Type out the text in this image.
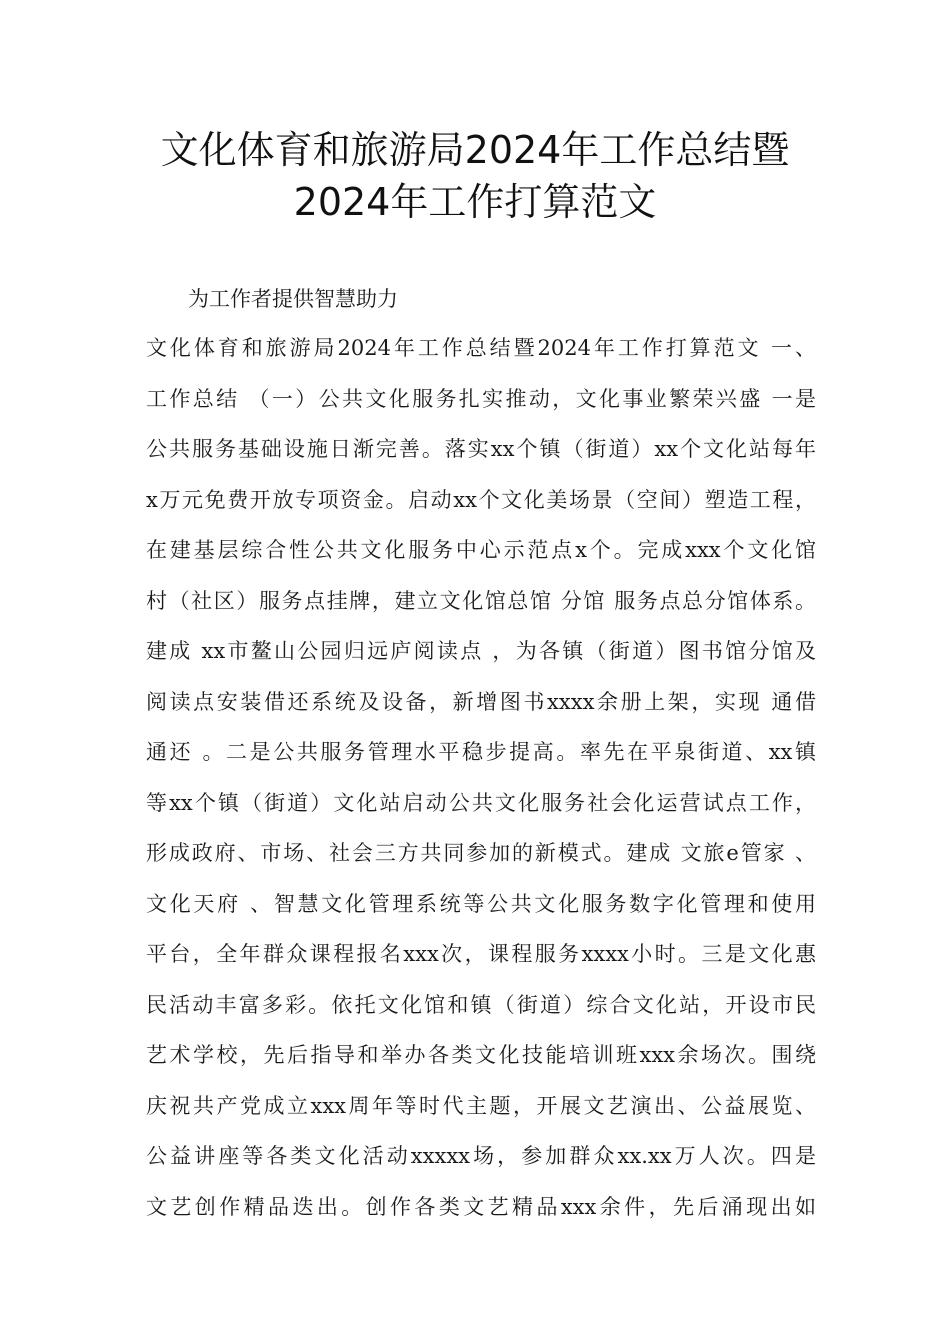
文化体育和旅游局2024年工作总结暨
2024年工作打算范文
为工作者提供智慧助力
文化体育和旅游局2024年工作总结暨2024年工作打算范文 一、
工作总结 （一）公共文化服务扎实推动，文化事业繁荣兴盛 一是
公共服务基础设施日渐完善。落实xx个镇（街道）xx个文化站每年
x万元免费开放专项资金。启动xx个文化美场景（空间）塑造工程，
在建基层综合性公共文化服务中心示范点x个。完成xxx个文化馆
村（社区）服务点挂牌，建立文化馆总馆 分馆 服务点总分馆体系。
建成 xx市鳌山公园归远庐阅读点 ，为各镇（街道）图书馆分馆及
阅读点安装借还系统及设备，新增图书xxxx余册上架，实现 通借
通还 。二是公共服务管理水平稳步提高。率先在平泉街道、xx镇
等xx个镇（街道）文化站启动公共文化服务社会化运营试点工作，
形成政府、市场、社会三方共同参加的新模式。建成 文旅e管家 、
文化天府 、智慧文化管理系统等公共文化服务数字化管理和使用
平台，全年群众课程报名xxx次，课程服务xxxx小时。三是文化惠
民活动丰富多彩。依托文化馆和镇（街道）综合文化站，开设市民
艺术学校，先后指导和举办各类文化技能培训班xxx余场次。围绕
庆祝共产党成立xxx周年等时代主题，开展文艺演出、公益展览、
公益讲座等各类文化活动xxxxx场，参加群众xx.xx万人次。四是
文艺创作精品迭出。创作各类文艺精品xxx余件，先后涌现出如
